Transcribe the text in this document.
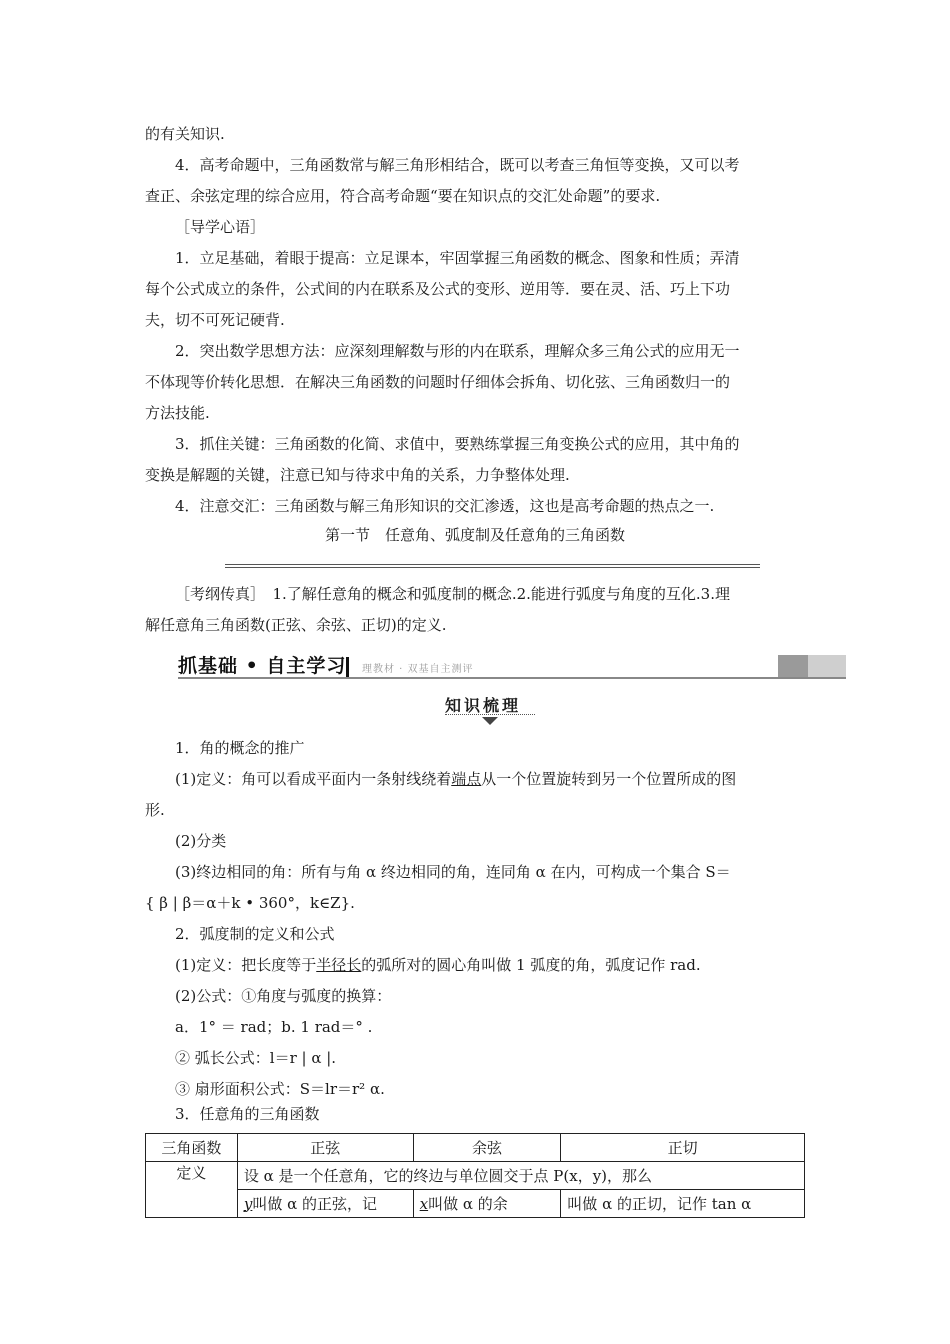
的有关知识.
4．高考命题中，三角函数常与解三角形相结合，既可以考查三角恒等变换，又可以考
查正、余弦定理的综合应用，符合高考命题“要在知识点的交汇处命题”的要求.
［导学心语］
1．立足基础，着眼于提高：立足课本，牢固掌握三角函数的概念、图象和性质；弄清
每个公式成立的条件，公式间的内在联系及公式的变形、逆用等．要在灵、活、巧上下功
夫，切不可死记硬背.
2．突出数学思想方法：应深刻理解数与形的内在联系，理解众多三角公式的应用无一
不体现等价转化思想．在解决三角函数的问题时仔细体会拆角、切化弦、三角函数归一的
方法技能.
3．抓住关键：三角函数的化简、求值中，要熟练掌握三角变换公式的应用，其中角的
变换是解题的关键，注意已知与待求中角的关系，力争整体处理.
4．注意交汇：三角函数与解三角形知识的交汇渗透，这也是高考命题的热点之一.
第一节　任意角、弧度制及任意角的三角函数
［考纲传真］　1.了解任意角的概念和弧度制的概念.2.能进行弧度与角度的互化.3.理
解任意角三角函数(正弦、余弦、正切)的定义.
抓基础 • 自主学习 理教材 · 双基自主测评
知识梳理
1．角的概念的推广
(1)定义：角可以看成平面内一条射线绕着端点从一个位置旋转到另一个位置所成的图
形.
(2)分类
(3)终边相同的角：所有与角 α 终边相同的角，连同角 α 在内，可构成一个集合 S＝
{ β | β＝α＋k • 360°，k∈Z}.
2．弧度制的定义和公式
(1)定义：把长度等于半径长的弧所对的圆心角叫做 1 弧度的角，弧度记作 rad.
(2)公式：①角度与弧度的换算：
a．1° ＝ rad；b. 1 rad＝° .
② 弧长公式：l＝r | α |.
③ 扇形面积公式：S＝lr＝r² α.
3．任意角的三角函数
三角函数	正弦	余弦	正切
定义	设 α 是一个任意角，它的终边与单位圆交于点 P(x，y)，那么		
	y叫做 α 的正弦，记	x叫做 α 的余	叫做 α 的正切，记作 tan α
